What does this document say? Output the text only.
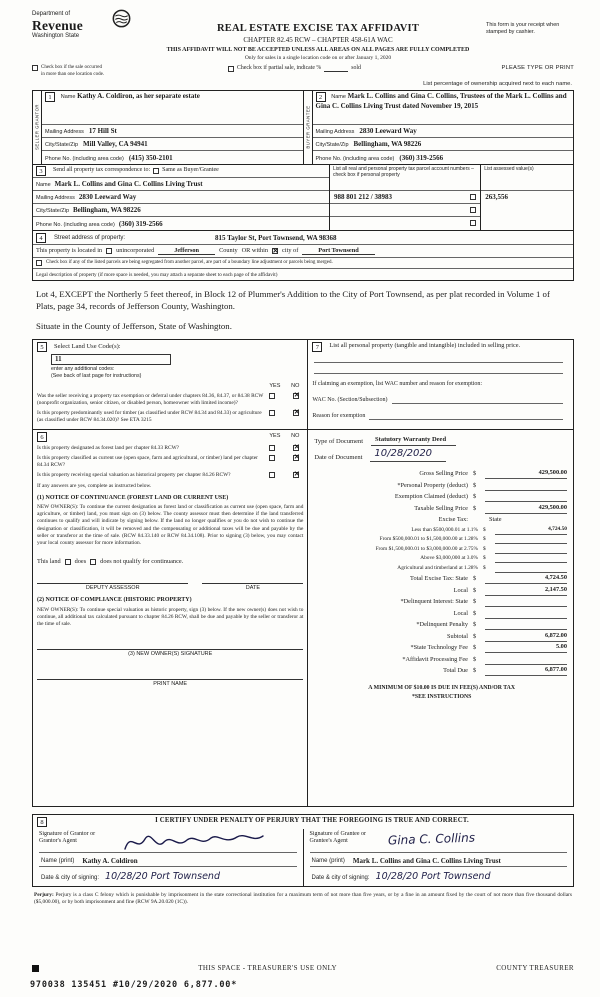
Department of
Revenue
Washington State
REAL ESTATE EXCISE TAX AFFIDAVIT
CHAPTER 82.45 RCW – CHAPTER 458-61A WAC
THIS AFFIDAVIT WILL NOT BE ACCEPTED UNLESS ALL AREAS ON ALL PAGES ARE FULLY COMPLETED
Only for sales in a single location code on or after January 1, 2020
This form is your receipt when stamped by cashier.
Check box if the sale occurred
in more than one location code.
Check box if partial sale, indicate %	sold	PLEASE TYPE OR PRINT
List percentage of ownership acquired next to each name.
SELLER GRANTOR
1 Name Kathy A. Coldiron, as her separate estate
Mailing Address 17 Hill St
City/State/Zip Mill Valley, CA 94941
Phone No. (including area code) (415) 350-2101
BUYER GRANTEE
2 Name Mark L. Collins and Gina C. Collins, Trustees of the Mark L. Collins and Gina C. Collins Living Trust dated November 19, 2015
Mailing Address 2830 Leeward Way
City/State/Zip Bellingham, WA 98226
Phone No. (including area code) (360) 319-2566
3	Send all property tax correspondence to: Same as Buyer/Grantee
Name Mark L. Collins and Gina C. Collins Living Trust
Mailing Address 2830 Leeward Way
City/State/Zip Bellingham, WA 98226
Phone No. (including area code) (360) 319-2566
List all real and personal property tax parcel account numbers – check box if personal property
988 801 212 / 38983
List assessed value(s)
263,556
4	Street address of property:	815 Taylor St, Port Townsend, WA 98368
This property is located in unincorporated	Jefferson	County OR within ✕ city of	Port Townsend
Check box if any of the listed parcels are being segregated from another parcel, are part of a boundary line adjustment or parcels being merged.
Legal description of property (if more space is needed, you may attach a separate sheet to each page of the affidavit)
Lot 4, EXCEPT the Northerly 5 feet thereof, in Block 12 of Plummer's Addition to the City of Port Townsend, as per plat recorded in Volume 1 of Plats, page 34, records of Jefferson County, Washington.
Situate in the County of Jefferson, State of Washington.
5	Select Land Use Code(s):
11
enter any additional codes:
(See back of last page for instructions)
YES NO
Was the seller receiving a property tax exemption or deferral under chapters 84.36, 84.37, or 84.38 RCW (nonprofit organization, senior citizen, or disabled person, homeowner with limited income)?
✕
Is this property predominantly used for timber (as classified under RCW 84.34 and 84.33) or agriculture (as classified under RCW 84.34.020)? See ETA 3215
✕
6	YES NO
Is this property designated as forest land per chapter 84.33 RCW?
✕
Is this property classified as current use (open space, farm and agricultural, or timber) land per chapter 84.34 RCW?
✕
Is this property receiving special valuation as historical property per chapter 84.26 RCW?
✕
If any answers are yes, complete as instructed below.
(1) NOTICE OF CONTINUANCE (FOREST LAND OR CURRENT USE)
NEW OWNER(S): To continue the current designation as forest land or classification as current use (open space, farm and agriculture, or timber) land, you must sign on (3) below. The county assessor must then determine if the land transferred continues to qualify and will indicate by signing below. If the land no longer qualifies or you do not wish to continue the designation or classification, it will be removed and the compensating or additional taxes will be due and payable by the seller or transferor at the time of sale. (RCW 84.33.140 or RCW 84.34.108). Prior to signing (3) below, you may contact your local county assessor for more information.
This land does does not qualify for continuance.
DEPUTY ASSESSOR	DATE
(2) NOTICE OF COMPLIANCE (HISTORIC PROPERTY)
NEW OWNER(S): To continue special valuation as historic property, sign (3) below. If the new owner(s) does not wish to continue, all additional tax calculated pursuant to chapter 84.26 RCW, shall be due and payable by the seller or transferor at the time of sale.
(3) NEW OWNER(S) SIGNATURE
PRINT NAME
7	List all personal property (tangible and intangible) included in selling price.
If claiming an exemption, list WAC number and reason for exemption:
WAC No. (Section/Subsection)
Reason for exemption
Type of Document	Statutory Warranty Deed
Date of Document	10/28/2020
Gross Selling Price $	429,500.00
*Personal Property (deduct) $
Exemption Claimed (deduct) $
Taxable Selling Price $	429,500.00
Excise Tax:	State
Less than $500,000.01 at 1.1% $	4,724.50
From $500,000.01 to $1,500,000.00 at 1.28% $
From $1,500,000.01 to $3,000,000.00 at 2.75% $
Above $3,000,000 at 3.0% $
Agricultural and timberland at 1.28% $
Total Excise Tax: State $	4,724.50
Local $	2,147.50
*Delinquent Interest: State $
Local $
*Delinquent Penalty $
Subtotal $	6,872.00
*State Technology Fee $	5.00
*Affidavit Processing Fee $
Total Due $	6,877.00
A MINIMUM OF $10.00 IS DUE IN FEE(S) AND/OR TAX
*SEE INSTRUCTIONS
8	I CERTIFY UNDER PENALTY OF PERJURY THAT THE FOREGOING IS TRUE AND CORRECT.
Signature of Grantor or Grantor's Agent
Name (print) Kathy A. Coldiron
Date & city of signing: 10/28/20 Port Townsend
Signature of Grantee or Grantee's Agent	Gina C. Collins
Name (print) Mark L. Collins and Gina C. Collins Living Trust
Date & city of signing: 10/28/20 Port Townsend
Perjury: Perjury is a class C felony which is punishable by imprisonment in the state correctional institution for a maximum term of not more than five years, or by a fine in an amount fixed by the court of not more than five thousand dollars ($5,000.00), or by both imprisonment and fine (RCW 9A.20.020 (1C)).
THIS SPACE - TREASURER'S USE ONLY	COUNTY TREASURER
970038 135451 #10/29/2020 6,877.00*
